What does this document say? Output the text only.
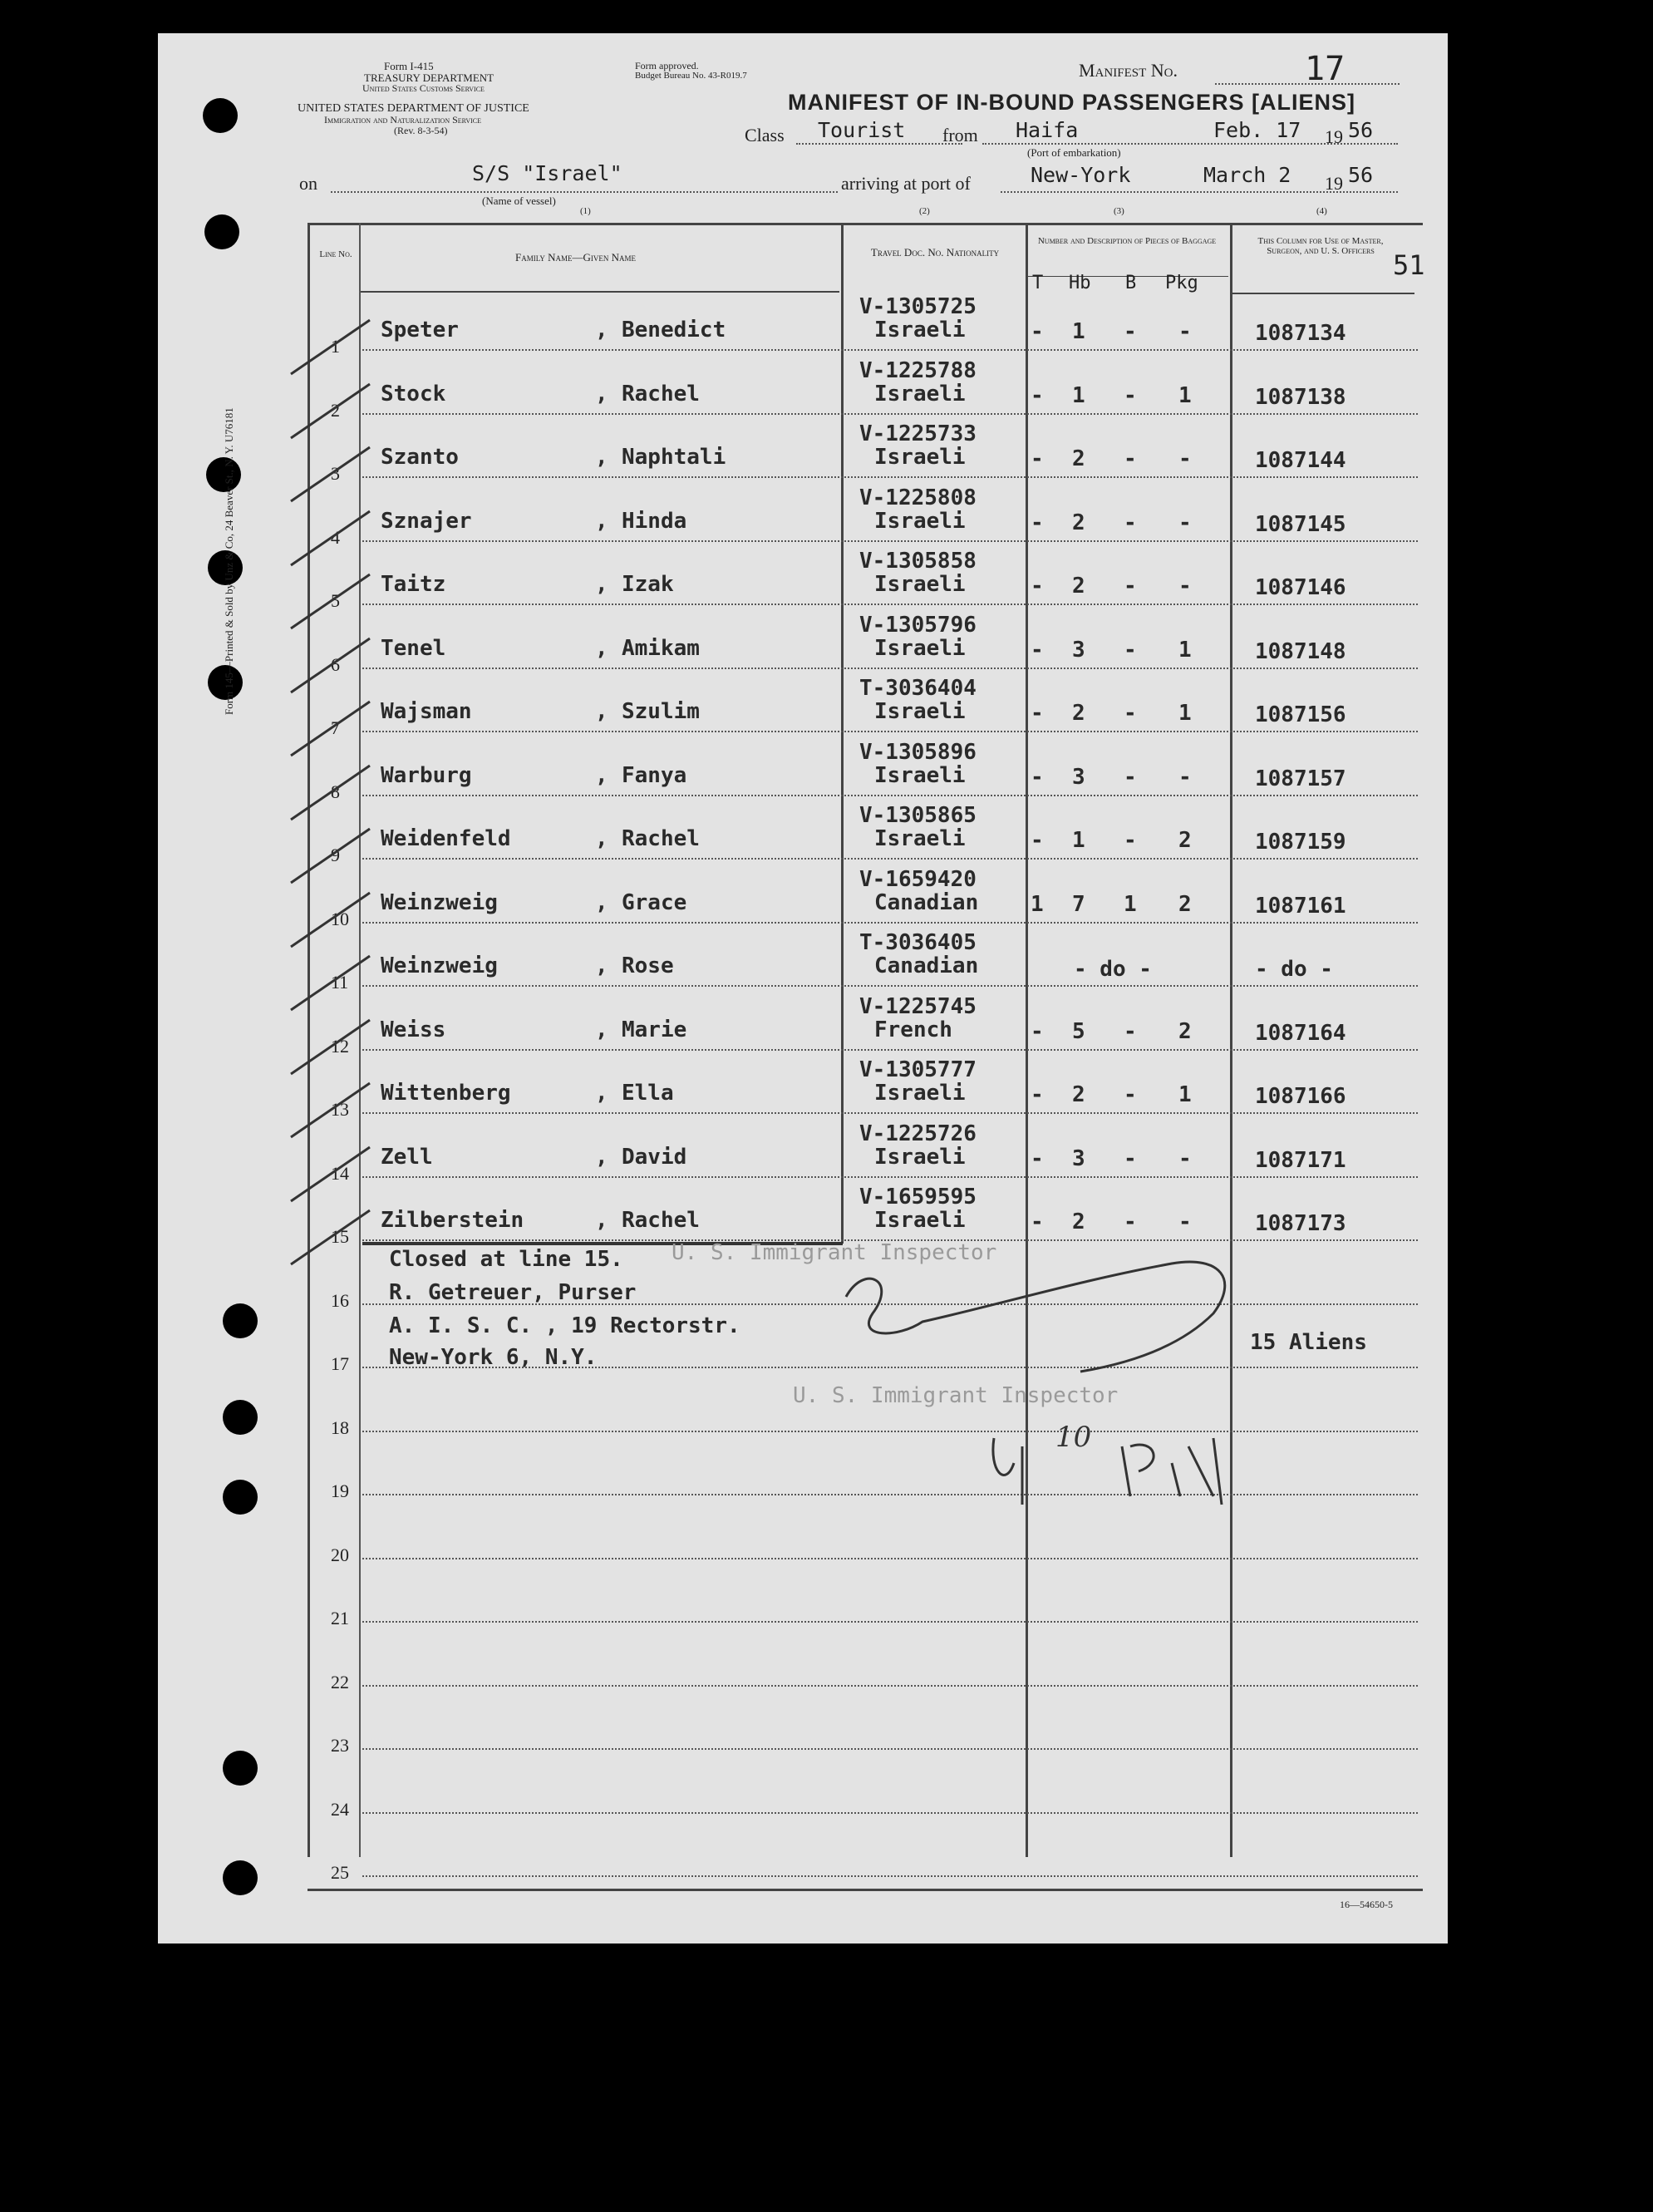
Form 145—Printed & Sold by Unz & Co, 24 Beaver St., N. Y. U76181
Form I-415
TREASURY DEPARTMENT
United States Customs Service
UNITED STATES DEPARTMENT OF JUSTICE
Immigration and Naturalization Service
(Rev. 8-3-54)
Form approved.
Budget Bureau No. 43-R019.7	Manifest No.	17
MANIFEST OF IN-BOUND PASSENGERS [ALIENS]
Class Tourist from Haifa
(Port of embarkation)
Feb. 17 19 56
on	S/S "Israel"
(Name of vessel)
(1)
arriving at port of
(2)
New-York
(3)
March 2 19 56
(4)
Line No.	Family Name—Given Name	Travel Doc. No. Nationality
Number and Description of Pieces of Baggage
T Hb B Pkg
This Column for Use of Master, Surgeon, and U. S. Officers 51
1
Speter	, Benedict
V-1305725
Israeli	- 1 - -	1087134
2
Stock	, Rachel
V-1225788
Israeli	- 1 - 1	1087138
3
Szanto	, Naphtali
V-1225733
Israeli	- 2 - -	1087144
4
Sznajer	, Hinda
V-1225808
Israeli	- 2 - -	1087145
5
Taitz	, Izak
V-1305858
Israeli	- 2 - -	1087146
6
Tenel	, Amikam
V-1305796
Israeli	- 3 - 1	1087148
7
Wajsman	, Szulim
T-3036404
Israeli	- 2 - 1	1087156
8
Warburg	, Fanya
V-1305896
Israeli	- 3 - -	1087157
9
Weidenfeld	, Rachel
V-1305865
Israeli	- 1 - 2	1087159
10
Weinzweig	, Grace
V-1659420
Canadian 1 7 1 2	1087161
11
Weinzweig	, Rose
T-3036405
Canadian	- do -	- do -
12
Weiss	, Marie
V-1225745
French	- 5 - 2	1087164
13
Wittenberg	, Ella
V-1305777
Israeli	- 2 - 1	1087166
14
Zell	, David
V-1225726
Israeli	- 3 - -	1087171
15
Zilberstein	, Rachel
V-1659595
Israeli	- 2 - -	1087173
16
17
18
19
20
21
22
23
24
25
Closed at line 15. U. S. Immigrant Inspector
R. Getreuer, Purser
A. I. S. C. , 19 Rectorstr.
New-York 6, N.Y.
U. S. Immigrant Inspector
15 Aliens
10
16—54650-5
